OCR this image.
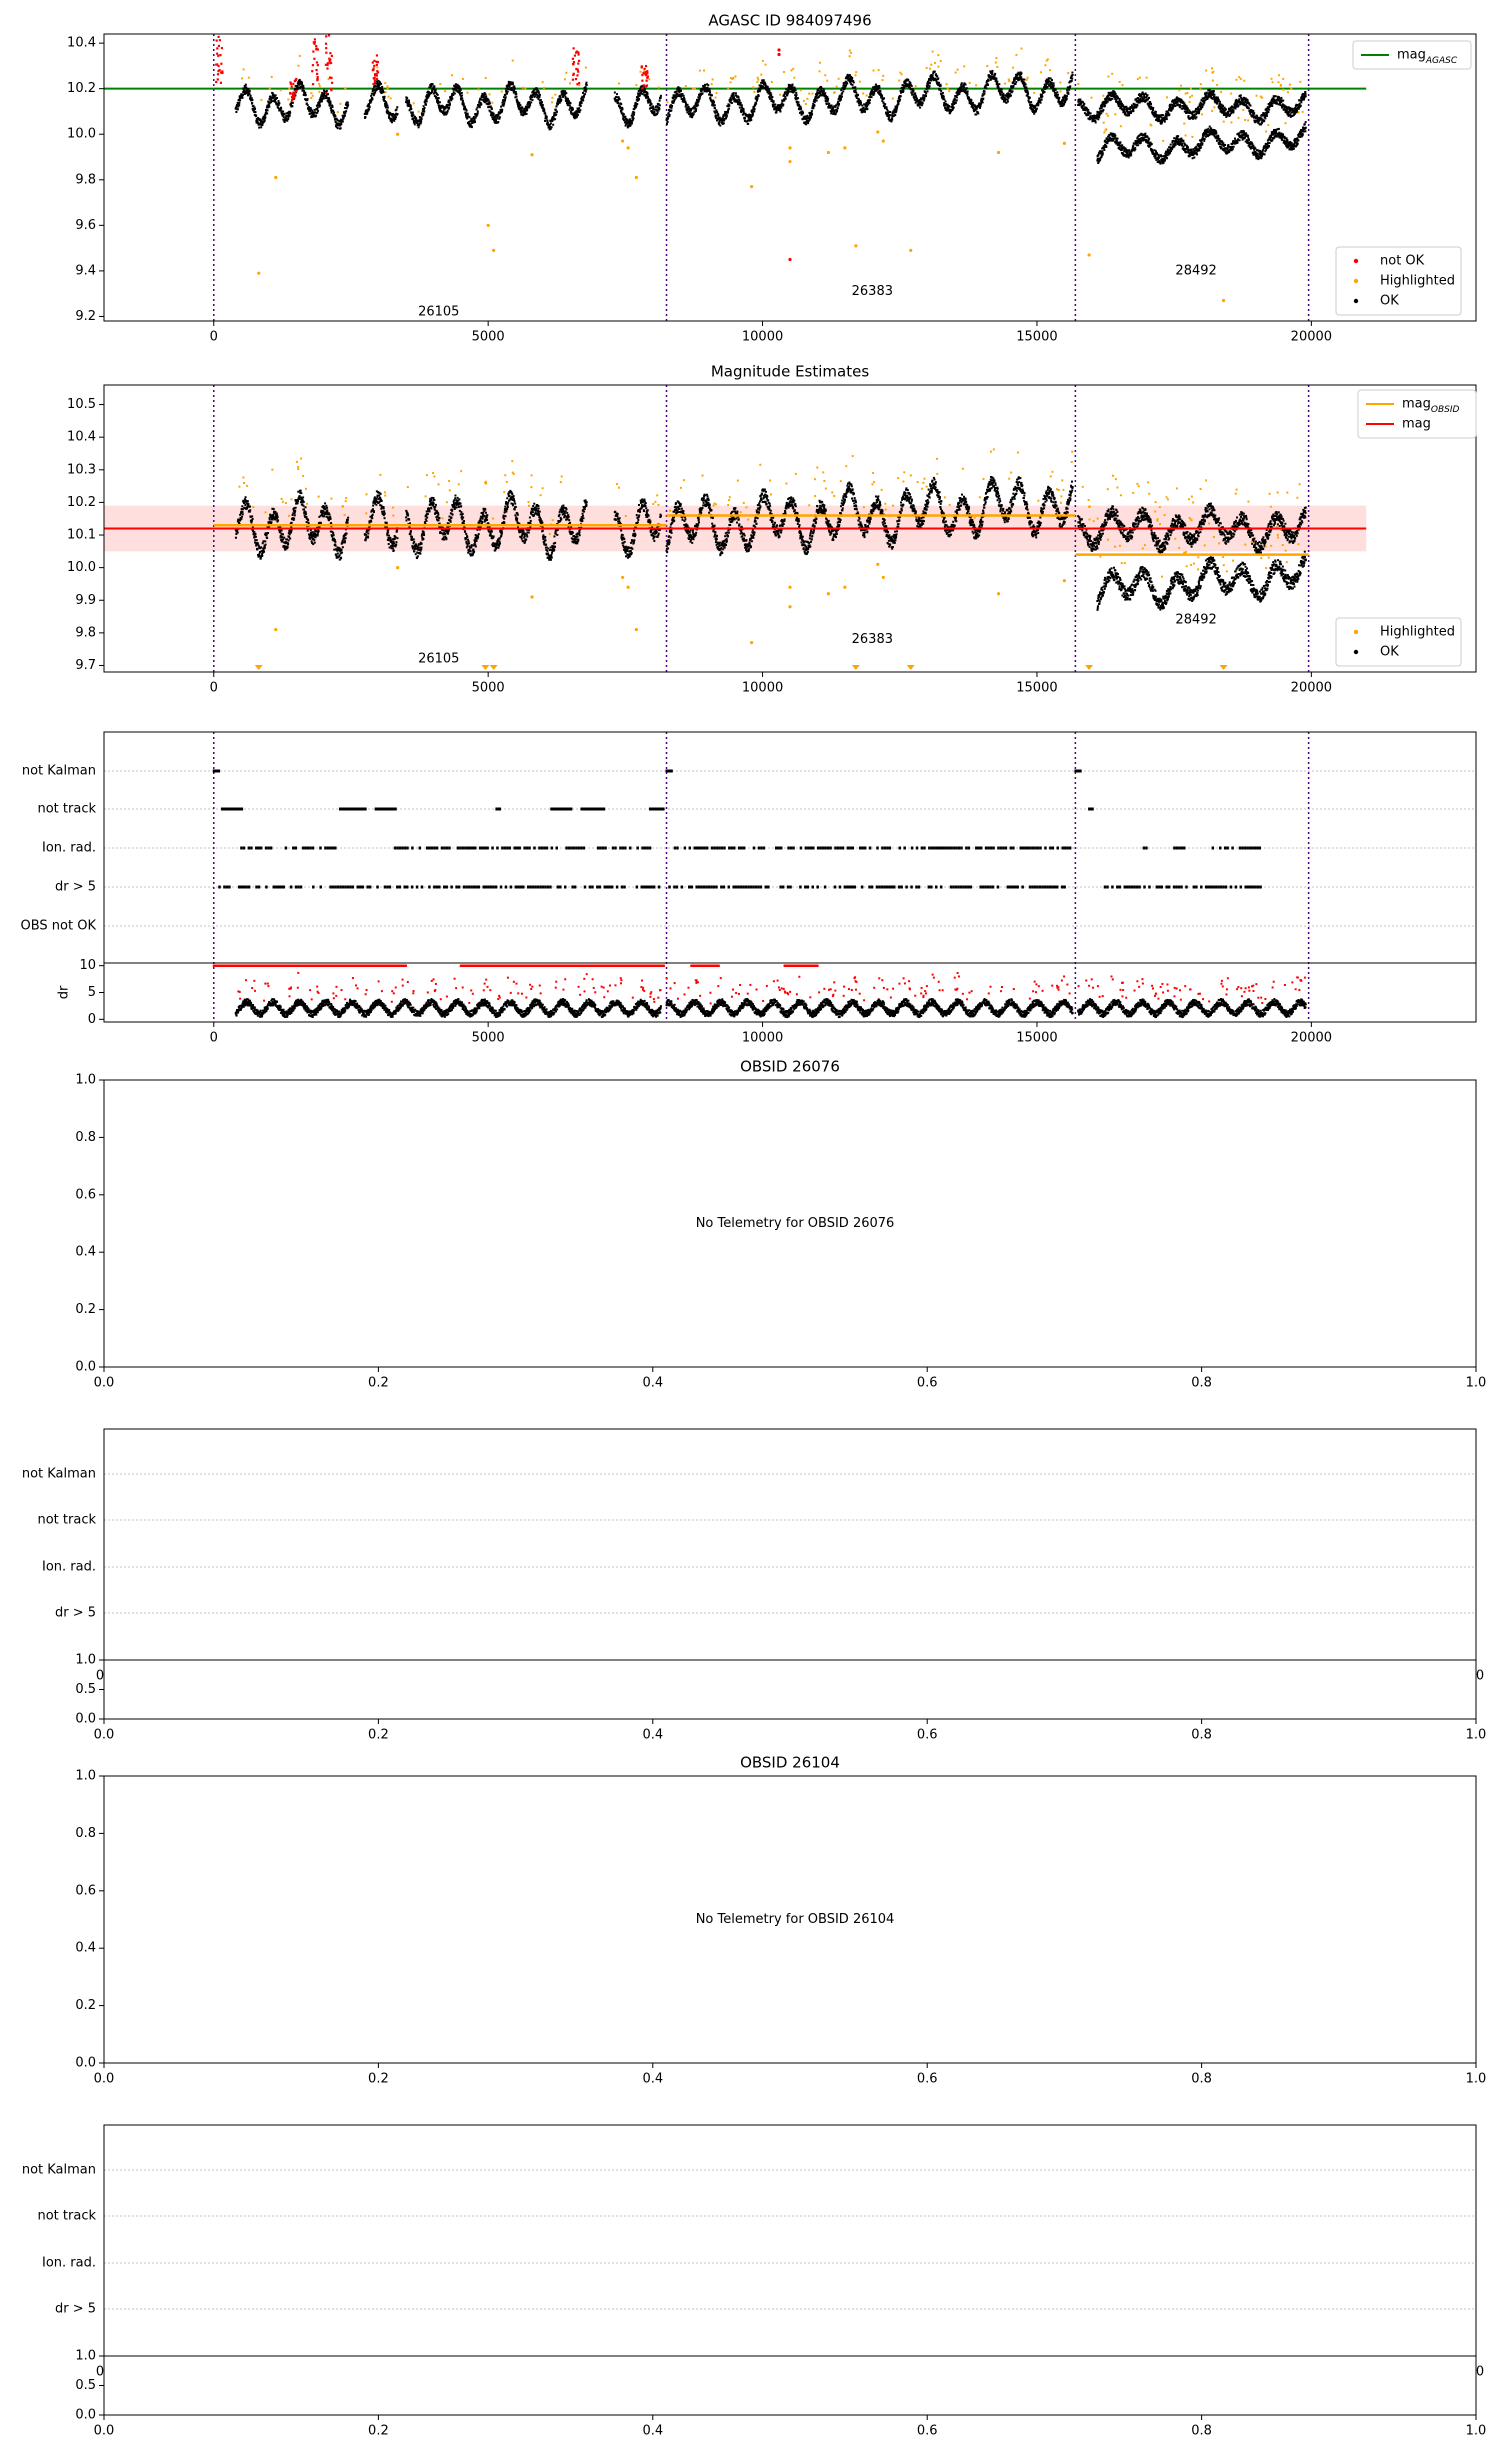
AGASC ID 984097496
26105
26383
28492
0	5000	10000	15000	20000
9.2
9.4
9.6
9.8
10.0
10.2
10.4
mag$_{AGASC}$
not OK
Highlighted
OK
Magnitude Estimates
26105
26383
28492
0	5000	10000	15000	20000
9.7
9.8
9.9
10.0
10.1
10.2
10.3
10.4
10.5	mag$_{OBSID}$
mag
Highlighted
OK
not Kalman
not track
Ion. rad.
dr > 5
OBS not OK
0
5
10
dr
0	5000	10000	15000	20000
OBSID 26076
No Telemetry for OBSID 26076
0.0	0.2	0.4	0.6	0.8	1.0
0.0
0.2
0.4
0.6
0.8
1.0
not Kalman
not track
Ion. rad.
dr > 5
0.0
0.5
1.0
0.0	0.2	0.4	0.6	0.8	1.0
0	0
OBSID 26104
No Telemetry for OBSID 26104
0.0	0.2	0.4	0.6	0.8	1.0
0.0
0.2
0.4
0.6
0.8
1.0
not Kalman
not track
Ion. rad.
dr > 5
0.0
0.5
1.0
0.0	0.2	0.4	0.6	0.8	1.0
0	0
